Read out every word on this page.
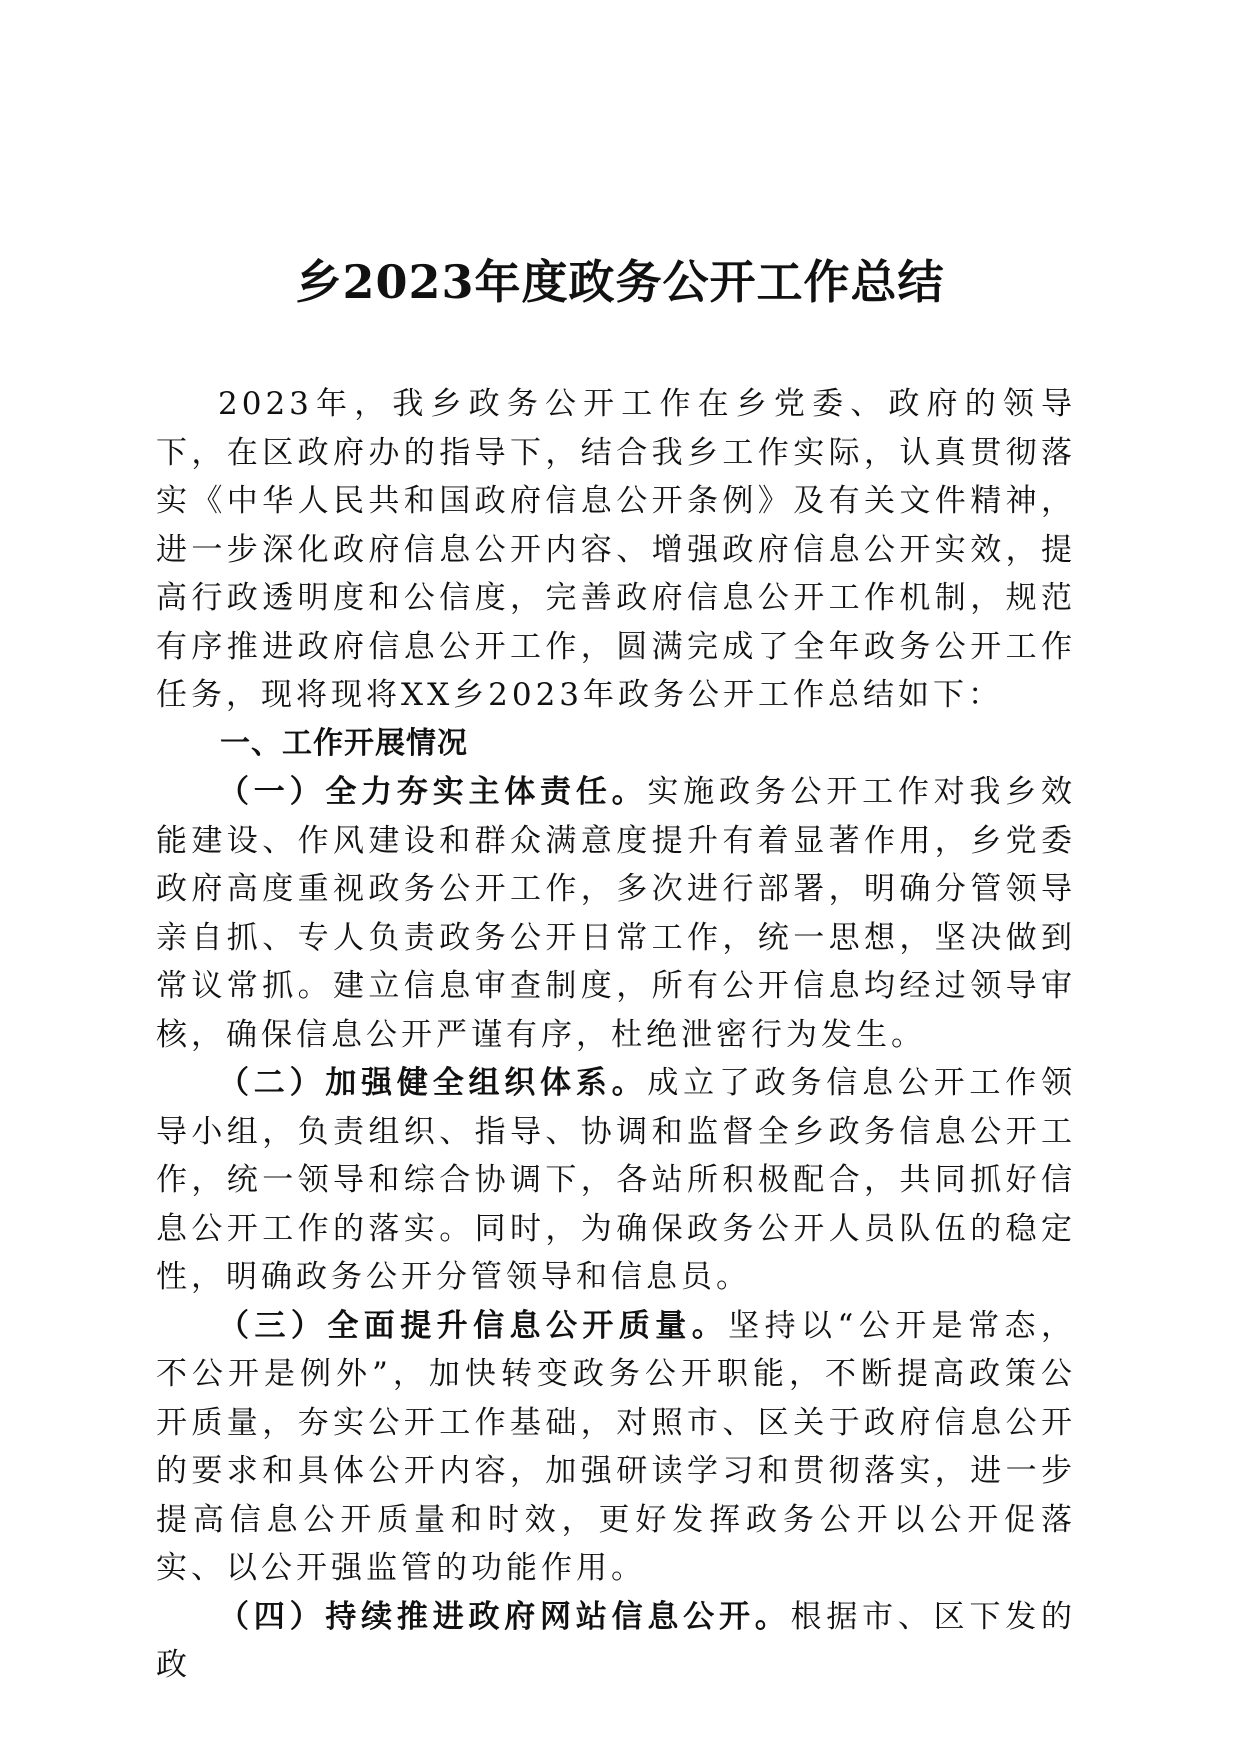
乡2023年度政务公开工作总结

2023年，我乡政务公开工作在乡党委、政府的领导下，在区政府办的指导下，结合我乡工作实际，认真贯彻落实《中华人民共和国政府信息公开条例》及有关文件精神，进一步深化政府信息公开内容、增强政府信息公开实效，提高行政透明度和公信度，完善政府信息公开工作机制，规范有序推进政府信息公开工作，圆满完成了全年政务公开工作任务，现将现将XX乡2023年政务公开工作总结如下：

一、工作开展情况

（一）全力夯实主体责任。实施政务公开工作对我乡效能建设、作风建设和群众满意度提升有着显著作用，乡党委政府高度重视政务公开工作，多次进行部署，明确分管领导亲自抓、专人负责政务公开日常工作，统一思想，坚决做到常议常抓。建立信息审查制度，所有公开信息均经过领导审核，确保信息公开严谨有序，杜绝泄密行为发生。

（二）加强健全组织体系。成立了政务信息公开工作领导小组，负责组织、指导、协调和监督全乡政务信息公开工作，统一领导和综合协调下，各站所积极配合，共同抓好信息公开工作的落实。同时，为确保政务公开人员队伍的稳定性，明确政务公开分管领导和信息员。

（三）全面提升信息公开质量。坚持以“公开是常态，不公开是例外”，加快转变政务公开职能，不断提高政策公开质量，夯实公开工作基础，对照市、区关于政府信息公开的要求和具体公开内容，加强研读学习和贯彻落实，进一步提高信息公开质量和时效，更好发挥政务公开以公开促落实、以公开强监管的功能作用。

（四）持续推进政府网站信息公开。根据市、区下发的政
